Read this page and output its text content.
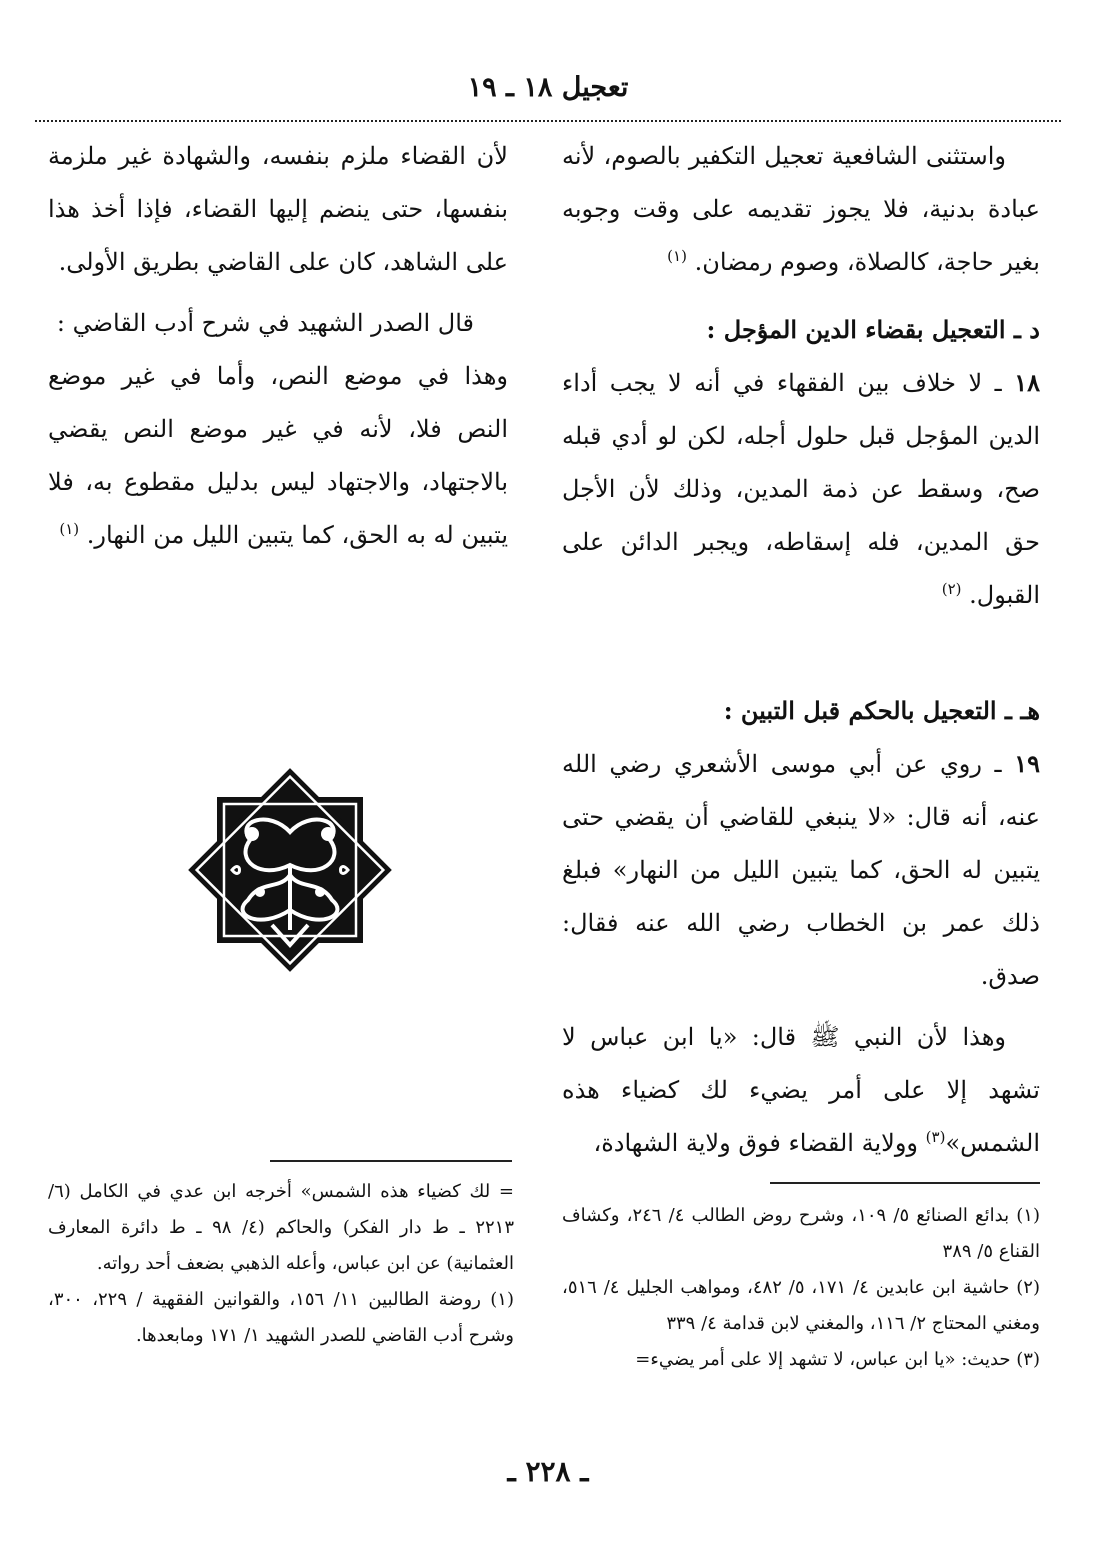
تعجيل ١٨ ـ ١٩

واستثنى الشافعية تعجيل التكفير بالصوم، لأنه عبادة بدنية، فلا يجوز تقديمه على وقت وجوبه بغير حاجة، كالصلاة، وصوم رمضان. $^{(١)}$

د ـ التعجيل بقضاء الدين المؤجل :

١٨ ـ لا خلاف بين الفقهاء في أنه لا يجب أداء الدين المؤجل قبل حلول أجله، لكن لو أدي قبله صح، وسقط عن ذمة المدين، وذلك لأن الأجل حق المدين، فله إسقاطه، ويجبر الدائن على القبول. $^{(٢)}$

هـ ـ التعجيل بالحكم قبل التبين :

١٩ ـ روي عن أبي موسى الأشعري رضي الله عنه، أنه قال: «لا ينبغي للقاضي أن يقضي حتى يتبين له الحق، كما يتبين الليل من النهار» فبلغ ذلك عمر بن الخطاب رضي الله عنه فقال: صدق.

وهذا لأن النبي ﷺ قال: «يا ابن عباس لا تشهد إلا على أمر يضيء لك كضياء هذه الشمس»$^{(٣)}$ وولاية القضاء فوق ولاية الشهادة،

لأن القضاء ملزم بنفسه، والشهادة غير ملزمة بنفسها، حتى ينضم إليها القضاء، فإذا أخذ هذا على الشاهد، كان على القاضي بطريق الأولى.

قال الصدر الشهيد في شرح أدب القاضي :

وهذا في موضع النص، وأما في غير موضع النص فلا، لأنه في غير موضع النص يقضي بالاجتهاد، والاجتهاد ليس بدليل مقطوع به، فلا يتبين له به الحق، كما يتبين الليل من النهار. $^{(١)}$

(١) بدائع الصنائع ٥/ ١٠٩، وشرح روض الطالب ٤/ ٢٤٦، وكشاف القناع ٥/ ٣٨٩

(٢) حاشية ابن عابدين ٤/ ١٧١، ٥/ ٤٨٢، ومواهب الجليل ٤/ ٥١٦، ومغني المحتاج ٢/ ١١٦، والمغني لابن قدامة ٤/ ٣٣٩

(٣) حديث: «يا ابن عباس، لا تشهد إلا على أمر يضيء=

= لك كضياء هذه الشمس» أخرجه ابن عدي في الكامل (٦/ ٢٢١٣ ـ ط دار الفكر) والحاكم (٤/ ٩٨ ـ ط دائرة المعارف العثمانية) عن ابن عباس، وأعله الذهبي بضعف أحد رواته.

(١) روضة الطالبين ١١/ ١٥٦، والقوانين الفقهية / ٢٢٩، ٣٠٠، وشرح أدب القاضي للصدر الشهيد ١/ ١٧١ ومابعدها.

ـ ٢٢٨ ـ
